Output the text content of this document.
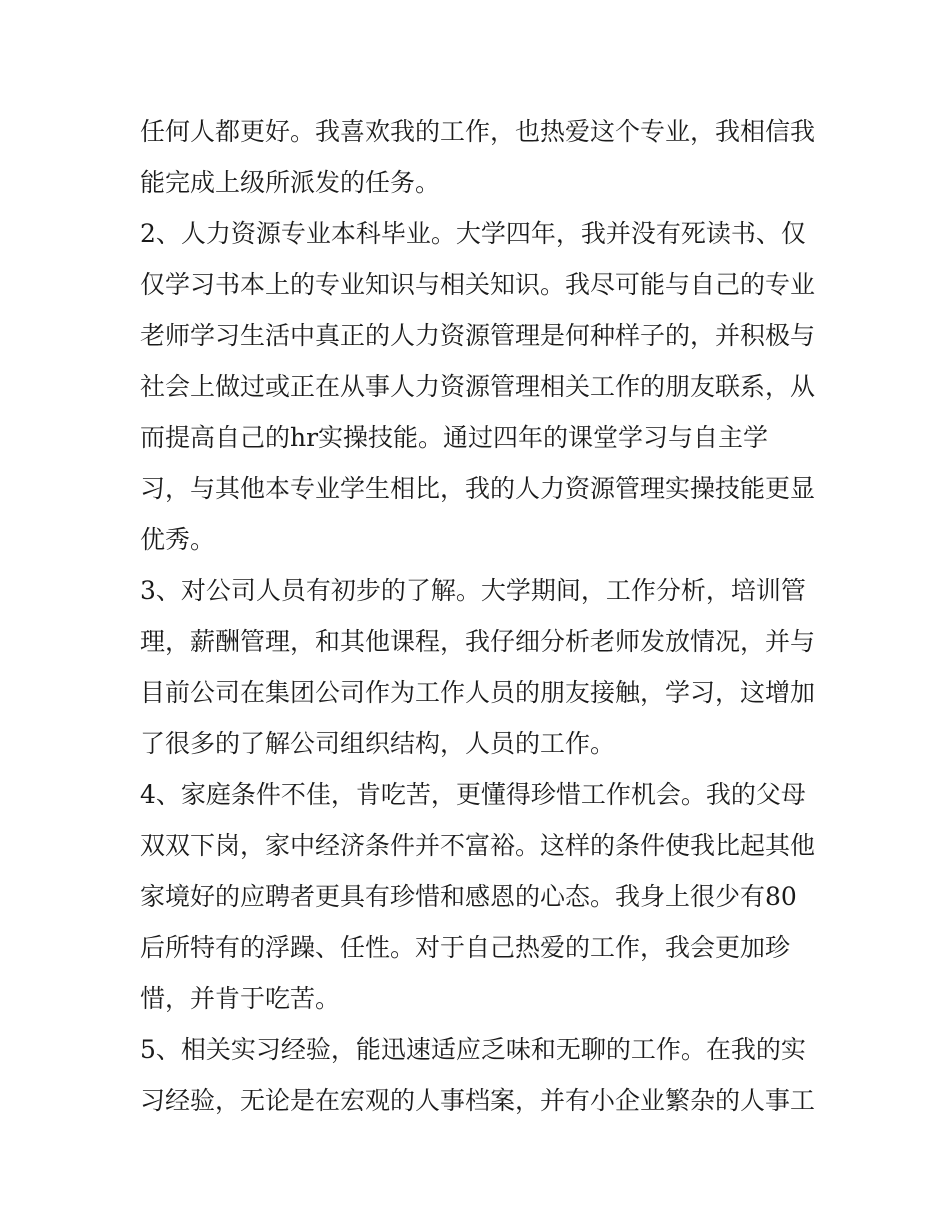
任何人都更好。我喜欢我的工作，也热爱这个专业，我相信我
能完成上级所派发的任务。
2、人力资源专业本科毕业。大学四年，我并没有死读书、仅
仅学习书本上的专业知识与相关知识。我尽可能与自己的专业
老师学习生活中真正的人力资源管理是何种样子的，并积极与
社会上做过或正在从事人力资源管理相关工作的朋友联系，从
而提高自己的hr实操技能。通过四年的课堂学习与自主学
习，与其他本专业学生相比，我的人力资源管理实操技能更显
优秀。
3、对公司人员有初步的了解。大学期间，工作分析，培训管
理，薪酬管理，和其他课程，我仔细分析老师发放情况，并与
目前公司在集团公司作为工作人员的朋友接触，学习，这增加
了很多的了解公司组织结构，人员的工作。
4、家庭条件不佳，肯吃苦，更懂得珍惜工作机会。我的父母
双双下岗，家中经济条件并不富裕。这样的条件使我比起其他
家境好的应聘者更具有珍惜和感恩的心态。我身上很少有80
后所特有的浮躁、任性。对于自己热爱的工作，我会更加珍
惜，并肯于吃苦。
5、相关实习经验，能迅速适应乏味和无聊的工作。在我的实
习经验，无论是在宏观的人事档案，并有小企业繁杂的人事工
